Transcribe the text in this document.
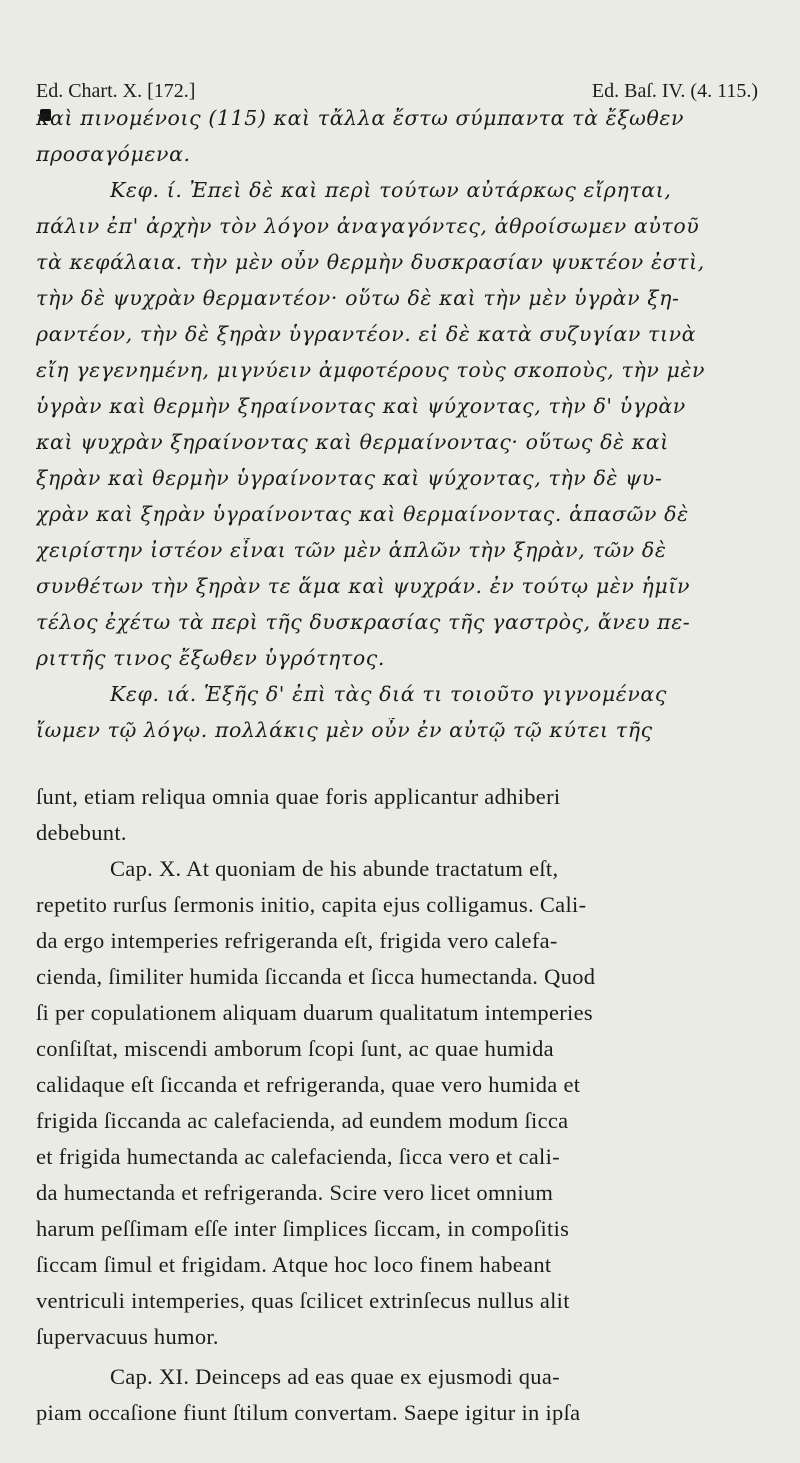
Ed. Chart. X. [172.]	Ed. Baſ. IV. (4. 115.)
καὶ πινομένοις (115) καὶ τἄλλα ἔστω σύμπαντα τὰ ἔξωθεν
προσαγόμενα.
Κεφ. ί. Ἐπεὶ δὲ καὶ περὶ τούτων αὐτάρκως εἴρηται,
πάλιν ἐπ' ἀρχὴν τὸν λόγον ἀναγαγόντες, ἀθροίσωμεν αὐτοῦ
τὰ κεφάλαια. τὴν μὲν οὖν θερμὴν δυσκρασίαν ψυκτέον ἐστὶ,
τὴν δὲ ψυχρὰν θερμαντέον· οὕτω δὲ καὶ τὴν μὲν ὑγρὰν ξη-
ραντέον, τὴν δὲ ξηρὰν ὑγραντέον. εἰ δὲ κατὰ συζυγίαν τινὰ
εἴη γεγενημένη, μιγνύειν ἀμφοτέρους τοὺς σκοποὺς, τὴν μὲν
ὑγρὰν καὶ θερμὴν ξηραίνοντας καὶ ψύχοντας, τὴν δ' ὑγρὰν
καὶ ψυχρὰν ξηραίνοντας καὶ θερμαίνοντας· οὕτως δὲ καὶ
ξηρὰν καὶ θερμὴν ὑγραίνοντας καὶ ψύχοντας, τὴν δὲ ψυ-
χρὰν καὶ ξηρὰν ὑγραίνοντας καὶ θερμαίνοντας. ἁπασῶν δὲ
χειρίστην ἰστέον εἶναι τῶν μὲν ἁπλῶν τὴν ξηρὰν, τῶν δὲ
συνθέτων τὴν ξηρὰν τε ἅμα καὶ ψυχράν. ἐν τούτῳ μὲν ἡμῖν
τέλος ἐχέτω τὰ περὶ τῆς δυσκρασίας τῆς γαστρὸς, ἄνευ πε-
ριττῆς τινος ἔξωθεν ὑγρότητος.
Κεφ. ιά. Ἑξῆς δ' ἐπὶ τὰς διά τι τοιοῦτο γιγνομένας
ἴωμεν τῷ λόγῳ. πολλάκις μὲν οὖν ἐν αὐτῷ τῷ κύτει τῆς
ſunt, etiam reliqua omnia quae foris applicantur adhiberi
debebunt.
Cap. X. At quoniam de his abunde tractatum eſt,
repetito rurſus ſermonis initio, capita ejus colligamus. Cali-
da ergo intemperies refrigeranda eſt, frigida vero calefa-
cienda, ſimiliter humida ſiccanda et ſicca humectanda. Quod
ſi per copulationem aliquam duarum qualitatum intemperies
conſiſtat, miscendi amborum ſcopi ſunt, ac quae humida
calidaque eſt ſiccanda et refrigeranda, quae vero humida et
frigida ſiccanda ac calefacienda, ad eundem modum ſicca
et frigida humectanda ac calefacienda, ſicca vero et cali-
da humectanda et refrigeranda. Scire vero licet omnium
harum peſſimam eſſe inter ſimplices ſiccam, in compoſitis
ſiccam ſimul et frigidam. Atque hoc loco finem habeant
ventriculi intemperies, quas ſcilicet extrinſecus nullus alit
ſupervacuus humor.
Cap. XI. Deinceps ad eas quae ex ejusmodi qua-
piam occaſione fiunt ſtilum convertam. Saepe igitur in ipſa
